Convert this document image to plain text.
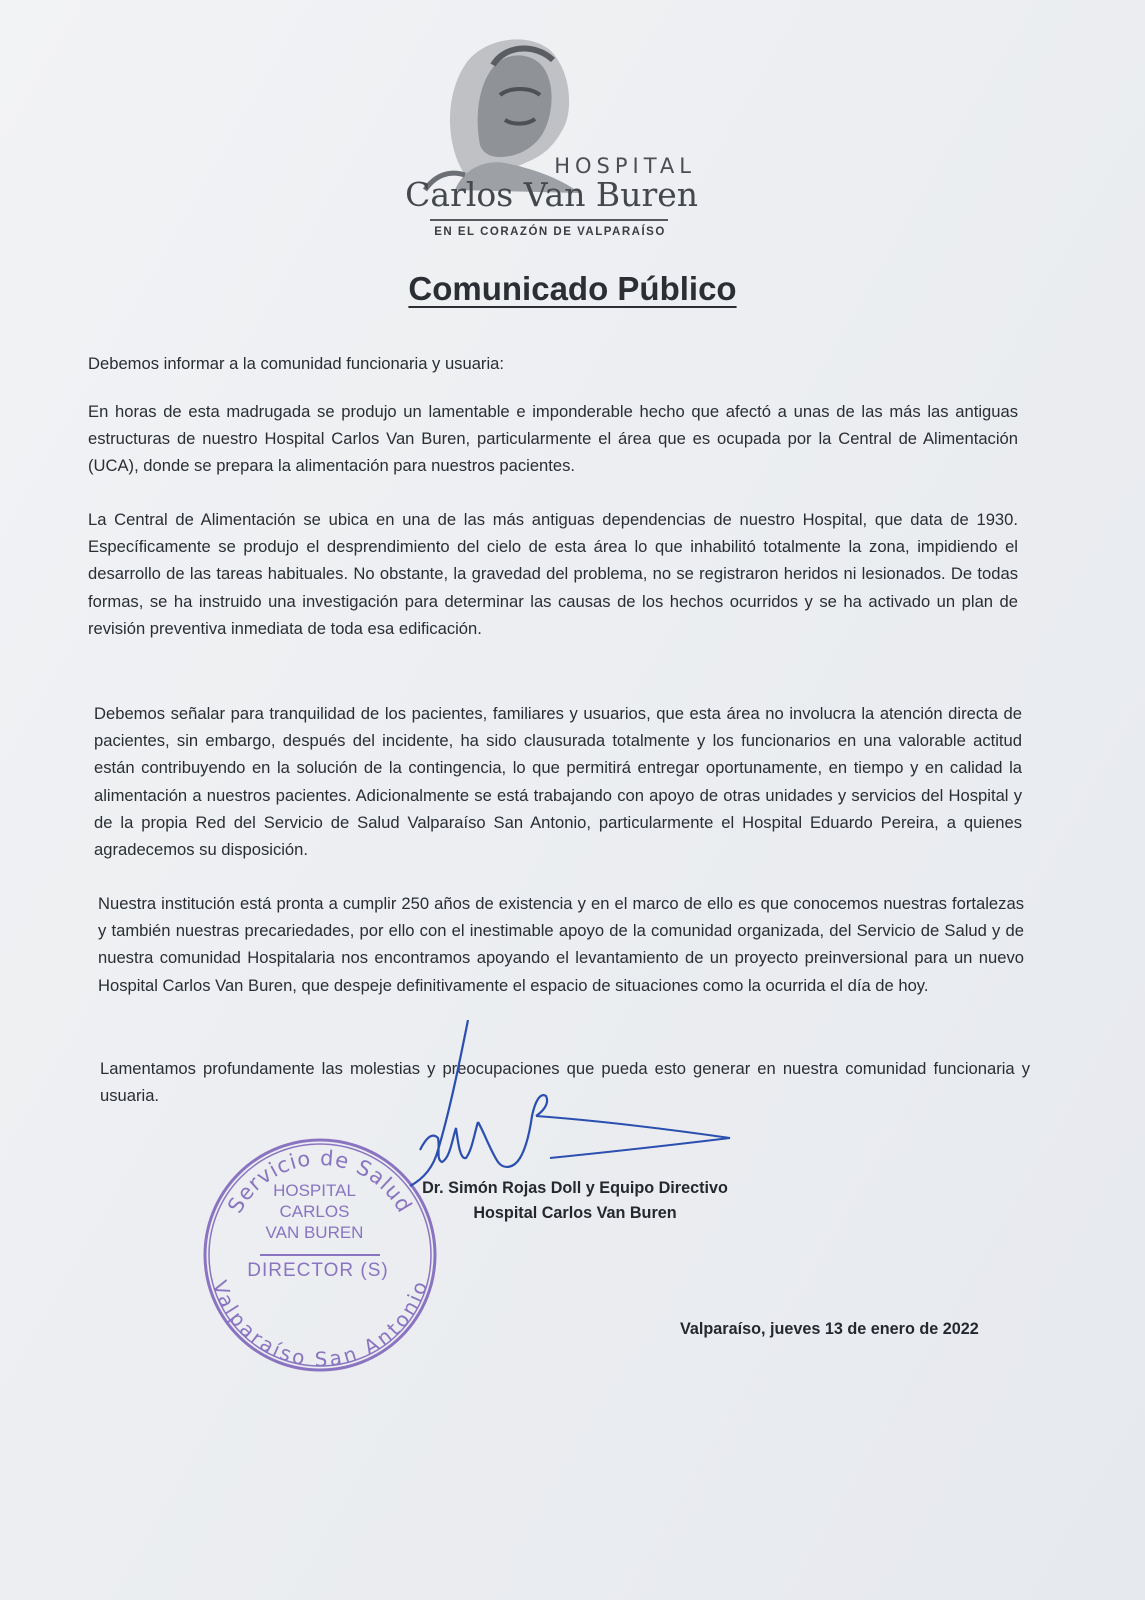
HOSPITAL
Carlos Van Buren
EN EL CORAZÓN DE VALPARAÍSO
Comunicado Público
Debemos informar a la comunidad funcionaria y usuaria:
En horas de esta madrugada se produjo un lamentable e imponderable hecho que afectó a unas de las más las antiguas estructuras de nuestro Hospital Carlos Van Buren, particularmente el área que es ocupada por la Central de Alimentación (UCA), donde se prepara la alimentación para nuestros pacientes.
La Central de Alimentación se ubica en una de las más antiguas dependencias de nuestro Hospital, que data de 1930. Específicamente se produjo el desprendimiento del cielo de esta área lo que inhabilitó totalmente la zona, impidiendo el desarrollo de las tareas habituales. No obstante, la gravedad del problema, no se registraron heridos ni lesionados. De todas formas, se ha instruido una investigación para determinar las causas de los hechos ocurridos y se ha activado un plan de revisión preventiva inmediata de toda esa edificación.
Debemos señalar para tranquilidad de los pacientes, familiares y usuarios, que esta área no involucra la atención directa de pacientes, sin embargo, después del incidente, ha sido clausurada totalmente y los funcionarios en una valorable actitud están contribuyendo en la solución de la contingencia, lo que permitirá entregar oportunamente, en tiempo y en calidad la alimentación a nuestros pacientes. Adicionalmente se está trabajando con apoyo de otras unidades y servicios del Hospital y de la propia Red del Servicio de Salud Valparaíso San Antonio, particularmente el Hospital Eduardo Pereira, a quienes agradecemos su disposición.
Nuestra institución está pronta a cumplir 250 años de existencia y en el marco de ello es que conocemos nuestras fortalezas y también nuestras precariedades, por ello con el inestimable apoyo de la comunidad organizada, del Servicio de Salud y de nuestra comunidad Hospitalaria nos encontramos apoyando el levantamiento de un proyecto preinversional para un nuevo Hospital Carlos Van Buren, que despeje definitivamente el espacio de situaciones como la ocurrida el día de hoy.
Lamentamos profundamente las molestias y preocupaciones que pueda esto generar en nuestra comunidad funcionaria y usuaria.
Servicio de Salud
Valparaíso San Antonio
HOSPITAL
CARLOS
VAN BUREN
DIRECTOR (S)
Dr. Simón Rojas Doll y Equipo Directivo
Hospital Carlos Van Buren
Valparaíso, jueves 13 de enero de 2022
